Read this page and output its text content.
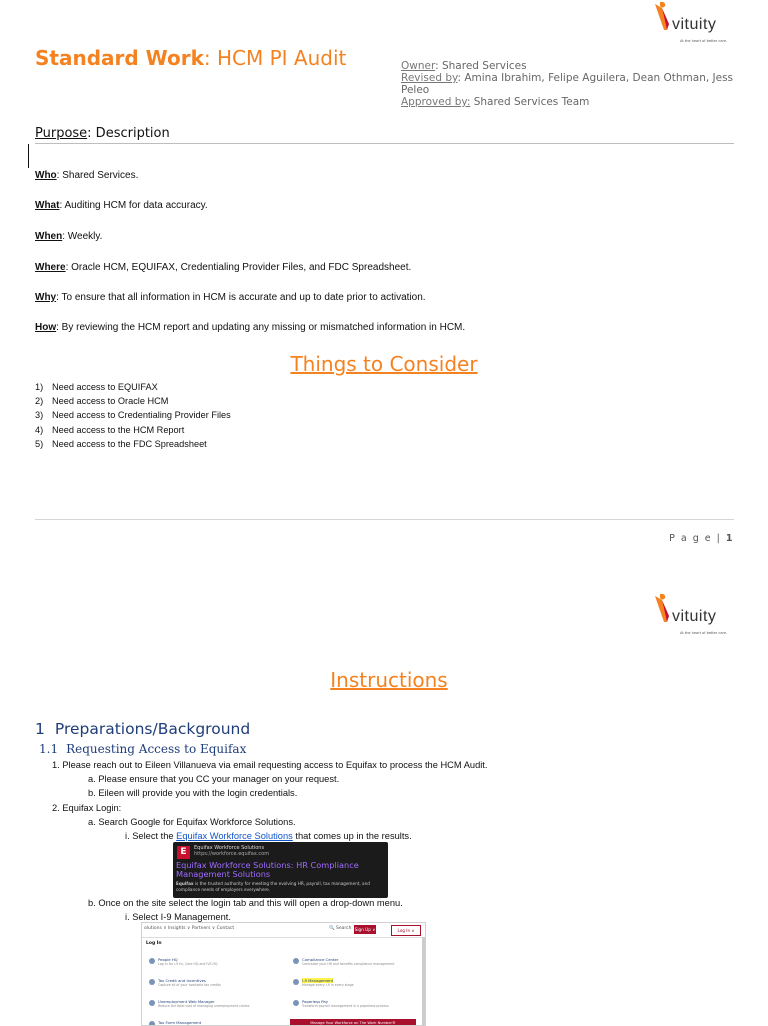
vituity
At the heart of better care.
Standard Work: HCM PI Audit	Owner: Shared Services
Revised by: Amina Ibrahim, Felipe Aguilera, Dean Othman, Jess Peleo
Approved by: Shared Services Team
Purpose: Description
Who: Shared Services.
What: Auditing HCM for data accuracy.
When: Weekly.
Where: Oracle HCM, EQUIFAX, Credentialing Provider Files, and FDC Spreadsheet.
Why: To ensure that all information in HCM is accurate and up to date prior to activation.
How: By reviewing the HCM report and updating any missing or mismatched information in HCM.
Things to Consider
1) Need access to EQUIFAX
2) Need access to Oracle HCM
3) Need access to Credentialing Provider Files
4) Need access to the HCM Report
5) Need access to the FDC Spreadsheet
P a g e | 1
vituity
At the heart of better care.
Instructions
1 Preparations/Background
1.1 Requesting Access to Equifax
1. Please reach out to Eileen Villanueva via email requesting access to Equifax to process the HCM Audit.
a. Please ensure that you CC your manager on your request.
b. Eileen will provide you with the login credentials.
2. Equifax Login:
a. Search Google for Equifax Workforce Solutions.
i. Select the Equifax Workforce Solutions that comes up in the results.
E	Equifax Workforce Solutions
https://workforce.equifax.com
Equifax Workforce Solutions: HR Compliance Management Solutions
Equifax is the trusted authority for meeting the evolving HR, payroll, tax management, and compliance needs of employers everywhere.
b. Once on the site select the login tab and this will open a drop-down menu.
i. Select I-9 Management.
olutions ∨ Insights ∨ Partners ∨ Contact	🔍 Search Sign Up ∨	Log In ∧
Log In
People HQ
Log in for I-9 Ex, Core HQ and IVS HQ
Tax Credit and Incentives
Capture all of your available tax credits
Unemployment Web Manager
Reduce the total cost of managing unemployment claims
Tax Form Management
Compliance Center
Centralize your HR and benefits compliance management
I-9 Management
Manage every I-9 in every stage
Paperless Pay
Transform payroll management in a paperless process
Manage Your Workforce on The Work Number®
